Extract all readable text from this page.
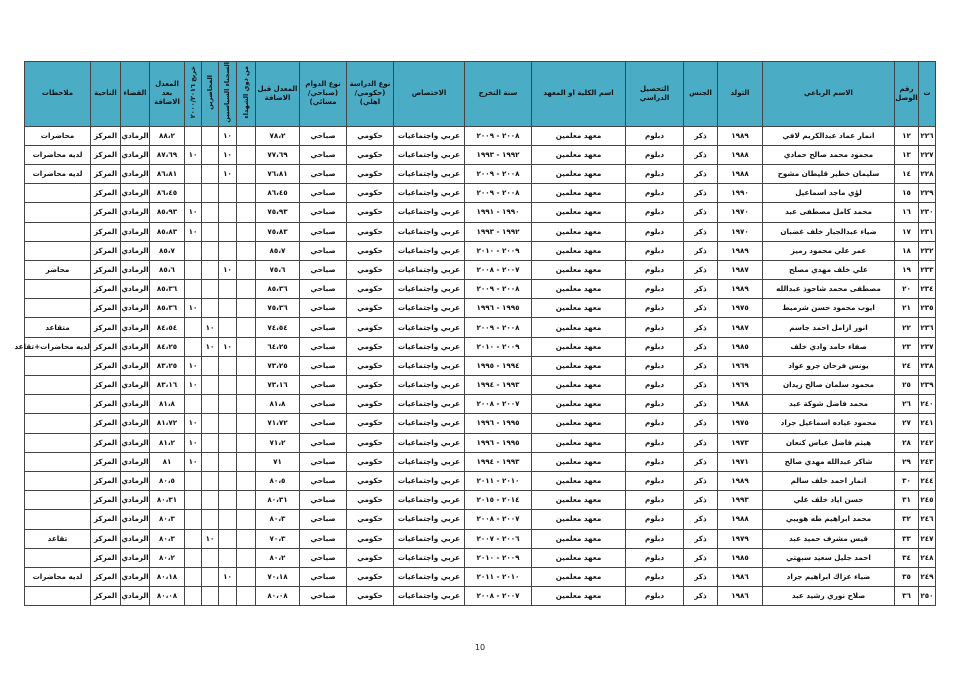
ت	رقم الوصل	الاسم الرباعي	التولد	الجنس	التحصيل الدراسي	اسم الكلية او المعهد	سنة التخرج	الاختصاص	نوع الدراسة (حكومي/اهلي)	نوع الدوام (صباحي/ مسائي)	المعدل قبل الاضافة	من ذوي الشهداء	السجناء السياسيين	المحاضرين	خريج ٢٠٠٠/٢٠١٦	المعدل بعد الاضافة	القضاء	الناحية	ملاحظات
٢٢٦	١٢	انمار عماد عبدالكريم لافي	١٩٨٩	ذكر	دبلوم	معهد معلمين	٢٠٠٨ - ٢٠٠٩	عربي واجتماعيات	حكومي	صباحي	٧٨،٢		١٠			٨٨،٢	الرمادي	المركز	محاضرات
٢٢٧	١٣	محمود محمد صالح حمادي	١٩٨٨	ذكر	دبلوم	معهد معلمين	١٩٩٢ - ١٩٩٣	عربي واجتماعيات	حكومي	صباحي	٧٧،٦٩		١٠		١٠	٨٧،٦٩	الرمادي	المركز	لديه محاضرات
٢٢٨	١٤	سليمان خطير قليطان مشوح	١٩٨٨	ذكر	دبلوم	معهد معلمين	٢٠٠٨ - ٢٠٠٩	عربي واجتماعيات	حكومي	صباحي	٧٦،٨١		١٠			٨٦،٨١	الرمادي	المركز	لديه محاضرات
٢٢٩	١٥	لؤي ماجد اسماعيل	١٩٩٠	ذكر	دبلوم	معهد معلمين	٢٠٠٨ - ٢٠٠٩	عربي واجتماعيات	حكومي	صباحي	٨٦،٤٥					٨٦،٤٥	الرمادي	المركز	
٢٣٠	١٦	محمد كامل مصطفى عبد	١٩٧٠	ذكر	دبلوم	معهد معلمين	١٩٩٠ - ١٩٩١	عربي واجتماعيات	حكومي	صباحي	٧٥،٩٣				١٠	٨٥،٩٣	الرمادي	المركز	
٢٣١	١٧	ضياء عبدالجبار خلف غضبان	١٩٧٠	ذكر	دبلوم	معهد معلمين	١٩٩٢ - ١٩٩٣	عربي واجتماعيات	حكومي	صباحي	٧٥،٨٣				١٠	٨٥،٨٣	الرمادي	المركز	
٢٣٢	١٨	عمر علي محمود رميز	١٩٨٩	ذكر	دبلوم	معهد معلمين	٢٠٠٩ - ٢٠١٠	عربي واجتماعيات	حكومي	صباحي	٨٥،٧					٨٥،٧	الرمادي	المركز	
٢٣٣	١٩	علي خلف مهدي مصلح	١٩٨٧	ذكر	دبلوم	معهد معلمين	٢٠٠٧ - ٢٠٠٨	عربي واجتماعيات	حكومي	صباحي	٧٥،٦		١٠			٨٥،٦	الرمادي	المركز	محاضر
٢٣٤	٢٠	مصطفى محمد شاحوذ عبدالله	١٩٨٩	ذكر	دبلوم	معهد معلمين	٢٠٠٨ - ٢٠٠٩	عربي واجتماعيات	حكومي	صباحي	٨٥،٣٦					٨٥،٣٦	الرمادي	المركز	
٢٣٥	٢١	ايوب محمود حسن شرميط	١٩٧٥	ذكر	دبلوم	معهد معلمين	١٩٩٥ - ١٩٩٦	عربي واجتماعيات	حكومي	صباحي	٧٥،٣٦				١٠	٨٥،٣٦	الرمادي	المركز	
٢٣٦	٢٢	انور ازامل احمد جاسم	١٩٨٧	ذكر	دبلوم	معهد معلمين	٢٠٠٨ - ٢٠٠٩	عربي واجتماعيات	حكومي	صباحي	٧٤،٥٤			١٠		٨٤،٥٤	الرمادي	المركز	متقاعد
٢٣٧	٢٣	صفاء حامد وادي خلف	١٩٨٥	ذكر	دبلوم	معهد معلمين	٢٠٠٩ - ٢٠١٠	عربي واجتماعيات	حكومي	صباحي	٦٤،٢٥		١٠	١٠		٨٤،٢٥	الرمادي	المركز	لديه محاضرات+تقاعد
٢٣٨	٢٤	يونس فرحان جرو عواد	١٩٦٩	ذكر	دبلوم	معهد معلمين	١٩٩٤ - ١٩٩٥	عربي واجتماعيات	حكومي	صباحي	٧٣،٢٥				١٠	٨٣،٢٥	الرمادي	المركز	
٢٣٩	٢٥	محمود سلمان صالح زيدان	١٩٦٩	ذكر	دبلوم	معهد معلمين	١٩٩٣ - ١٩٩٤	عربي واجتماعيات	حكومي	صباحي	٧٣،١٦				١٠	٨٣،١٦	الرمادي	المركز	
٢٤٠	٢٦	محمد فاضل شوكة عبد	١٩٨٨	ذكر	دبلوم	معهد معلمين	٢٠٠٧ - ٢٠٠٨	عربي واجتماعيات	حكومي	صباحي	٨١،٨					٨١،٨	الرمادي	المركز	
٢٤١	٢٧	محمود عياده اسماعيل جراد	١٩٧٥	ذكر	دبلوم	معهد معلمين	١٩٩٥ - ١٩٩٦	عربي واجتماعيات	حكومي	صباحي	٧١،٧٢				١٠	٨١،٧٢	الرمادي	المركز	
٢٤٢	٢٨	هيثم فاضل عباس كنعان	١٩٧٣	ذكر	دبلوم	معهد معلمين	١٩٩٥ - ١٩٩٦	عربي واجتماعيات	حكومي	صباحي	٧١،٢				١٠	٨١،٢	الرمادي	المركز	
٢٤٣	٢٩	شاكر عبدالله مهدي صالح	١٩٧١	ذكر	دبلوم	معهد معلمين	١٩٩٣ - ١٩٩٤	عربي واجتماعيات	حكومي	صباحي	٧١				١٠	٨١	الرمادي	المركز	
٢٤٤	٣٠	انمار احمد خلف سالم	١٩٨٩	ذكر	دبلوم	معهد معلمين	٢٠١٠ - ٢٠١١	عربي واجتماعيات	حكومي	صباحي	٨٠،٥					٨٠،٥	الرمادي	المركز	
٢٤٥	٣١	حسن اياد خلف علي	١٩٩٣	ذكر	دبلوم	معهد معلمين	٢٠١٤ - ٢٠١٥	عربي واجتماعيات	حكومي	صباحي	٨٠،٣١					٨٠،٣١	الرمادي	المركز	
٢٤٦	٣٢	محمد ابراهيم طه هويبي	١٩٨٨	ذكر	دبلوم	معهد معلمين	٢٠٠٧ - ٢٠٠٨	عربي واجتماعيات	حكومي	صباحي	٨٠،٣					٨٠،٣	الرمادي	المركز	
٢٤٧	٣٣	قيس مشرف حميد عبد	١٩٧٩	ذكر	دبلوم	معهد معلمين	٢٠٠٦ - ٢٠٠٧	عربي واجتماعيات	حكومي	صباحي	٧٠،٣			١٠		٨٠،٣	الرمادي	المركز	تقاعد
٢٤٨	٣٤	احمد جليل سعيد سبهتي	١٩٨٥	ذكر	دبلوم	معهد معلمين	٢٠٠٩ - ٢٠١٠	عربي واجتماعيات	حكومي	صباحي	٨٠،٢					٨٠،٢	الرمادي	المركز	
٢٤٩	٣٥	ضياء عزاك ابراهيم جراد	١٩٨٦	ذكر	دبلوم	معهد معلمين	٢٠١٠ - ٢٠١١	عربي واجتماعيات	حكومي	صباحي	٧٠،١٨		١٠			٨٠،١٨	الرمادي	المركز	لديه محاضرات
٢٥٠	٣٦	صلاح نوري رشيد عبد	١٩٨٦	ذكر	دبلوم	معهد معلمين	٢٠٠٧ - ٢٠٠٨	عربي واجتماعيات	حكومي	صباحي	٨٠،٠٨					٨٠،٠٨	الرمادي	المركز	
10
